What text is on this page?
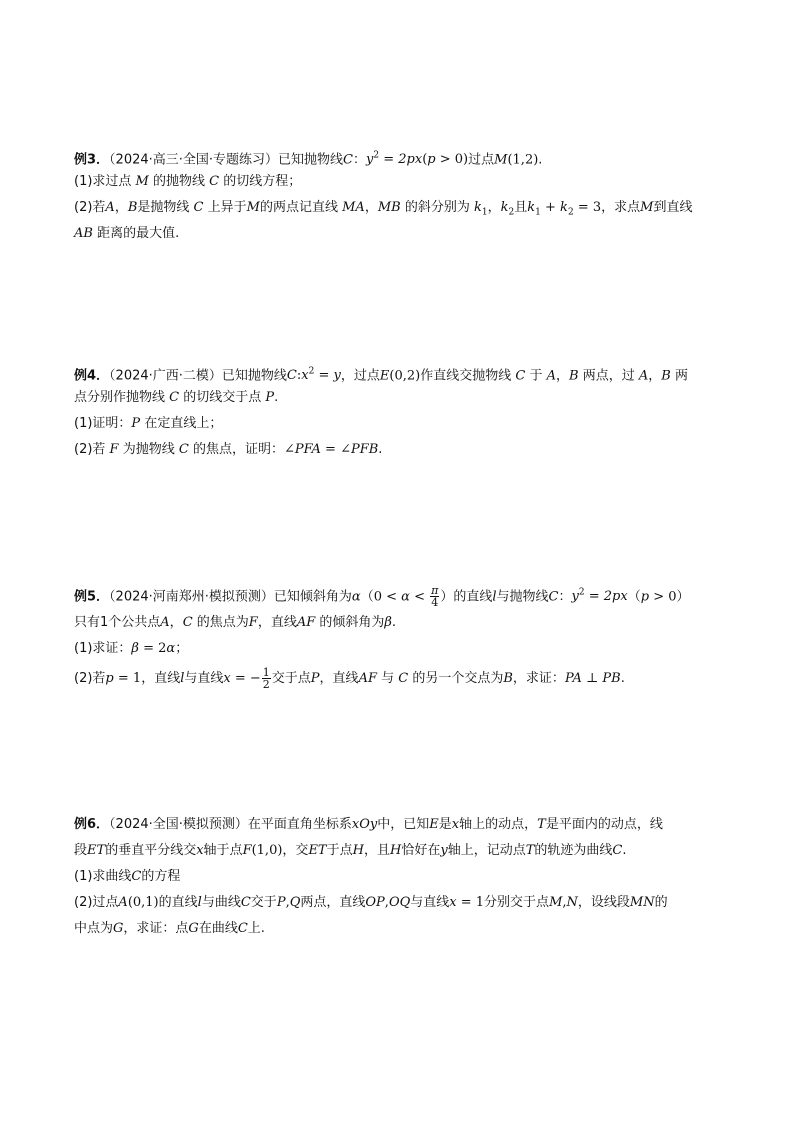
例3．（2024·高三·全国·专题练习）已知抛物线C：$y^2 = 2px(p > 0)$过点M(1,2).
(1)求过点 M 的抛物线 C 的切线方程；
(2)若A，B是抛物线 C 上异于M的两点记直线 MA，MB 的斜分别为 $k_1$，$k_2$且$k_1 + k_2 = 3$，求点M到直线
AB 距离的最大值.
例4．（2024·广西·二模）已知抛物线$C:x^2 = y$，过点E(0,2)作直线交抛物线 C 于 A，B 两点，过 A，B 两
点分别作抛物线 C 的切线交于点 P.
(1)证明：P 在定直线上；
(2)若 F 为抛物线 C 的焦点，证明：∠PFA = ∠PFB.
例5．（2024·河南郑州·模拟预测）已知倾斜角为$\alpha(0 < \alpha < \frac{\pi}{4}$ ）的直线l与抛物线C：$y^2 = 2px(p > 0)$
只有1个公共点A，C 的焦点为F，直线AF 的倾斜角为β.
(1)求证：β = 2α；
(2)若p = 1，直线l与直线x = − $\frac{1}{2}$ 交于点P，直线AF 与 C 的另一个交点为B，求证：PA ⊥ PB.
例6．（2024·全国·模拟预测）在平面直角坐标系xOy中，已知E是x轴上的动点，T是平面内的动点，线
段ET的垂直平分线交x轴于点F(1,0)，交ET于点H，且H恰好在y轴上，记动点T的轨迹为曲线C.
(1)求曲线C的方程
(2)过点A(0,1)的直线l与曲线C交于P,Q两点，直线OP,OQ与直线x = 1分别交于点M,N，设线段MN的
中点为G，求证：点G在曲线C上.
